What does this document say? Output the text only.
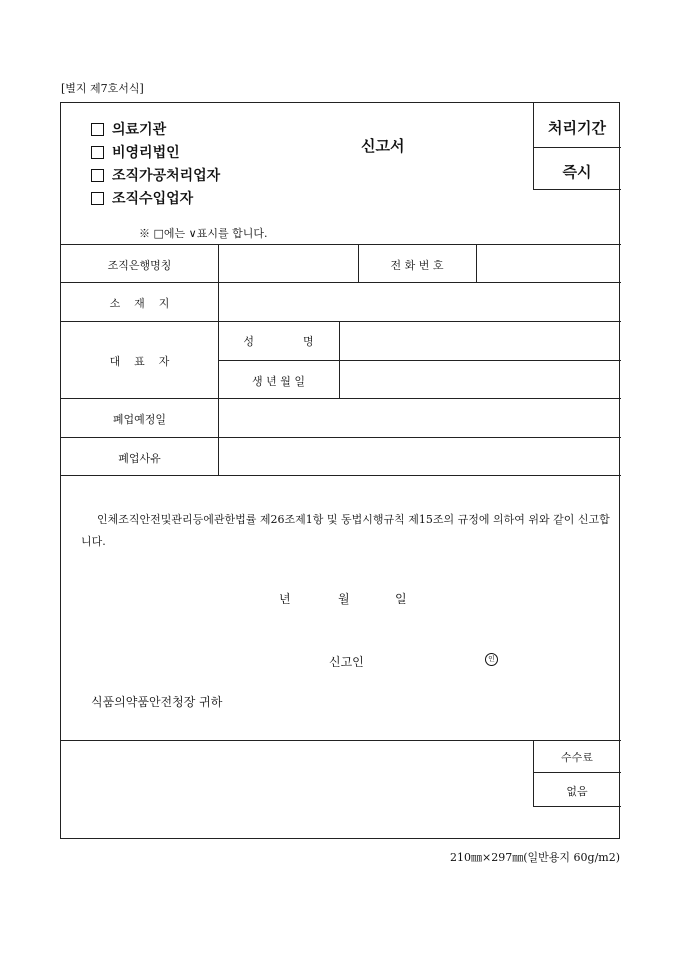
[별지 제7호서식]
의료기관
비영리법인
조직가공처리업자
조직수입업자
신고서
처리기간
즉시
※ □에는 ∨표시를 합니다.
조직은행명칭	전 화 번 호
소    재    지
대    표    자
성              명
생 년 월 일
폐업예정일
폐업사유
인체조직안전및관리등에관한법률 제26조제1항 및 동법시행규칙 제15조의 규정에 의하여 위와 같이 신고합니다.
년	월	일
신고인	인
식품의약품안전청장 귀하
수수료
없음
210㎜×297㎜(일반용지 60g/m2)
